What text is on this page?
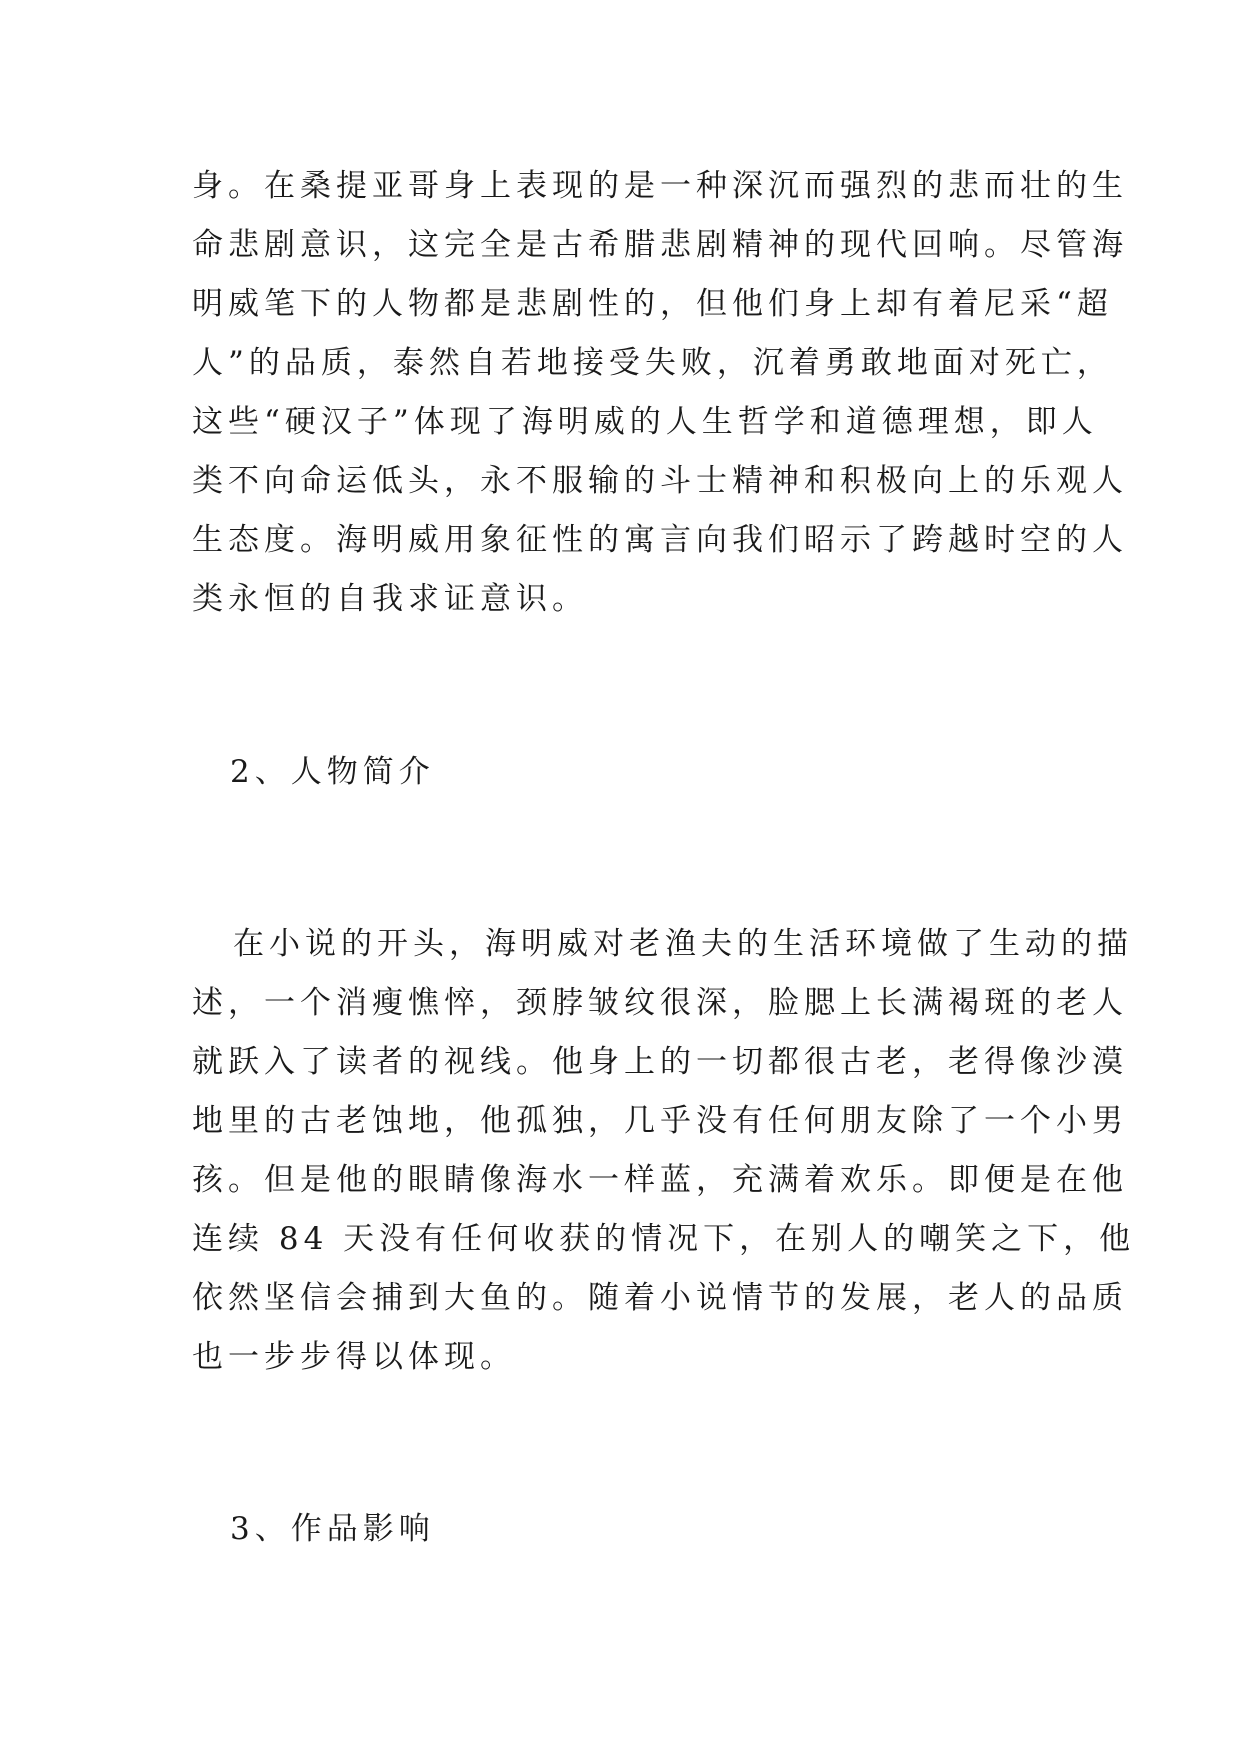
身。在桑提亚哥身上表现的是一种深沉而强烈的悲而壮的生
命悲剧意识，这完全是古希腊悲剧精神的现代回响。尽管海
明威笔下的人物都是悲剧性的，但他们身上却有着尼采“超
人”的品质，泰然自若地接受失败，沉着勇敢地面对死亡，
这些“硬汉子”体现了海明威的人生哲学和道德理想，即人
类不向命运低头，永不服输的斗士精神和积极向上的乐观人
生态度。海明威用象征性的寓言向我们昭示了跨越时空的人
类永恒的自我求证意识。
2、人物简介
在小说的开头，海明威对老渔夫的生活环境做了生动的描
述，一个消瘦憔悴，颈脖皱纹很深，脸腮上长满褐斑的老人
就跃入了读者的视线。他身上的一切都很古老，老得像沙漠
地里的古老蚀地，他孤独，几乎没有任何朋友除了一个小男
孩。但是他的眼睛像海水一样蓝，充满着欢乐。即便是在他
连续 84 天没有任何收获的情况下，在别人的嘲笑之下，他
依然坚信会捕到大鱼的。随着小说情节的发展，老人的品质
也一步步得以体现。
3、作品影响
